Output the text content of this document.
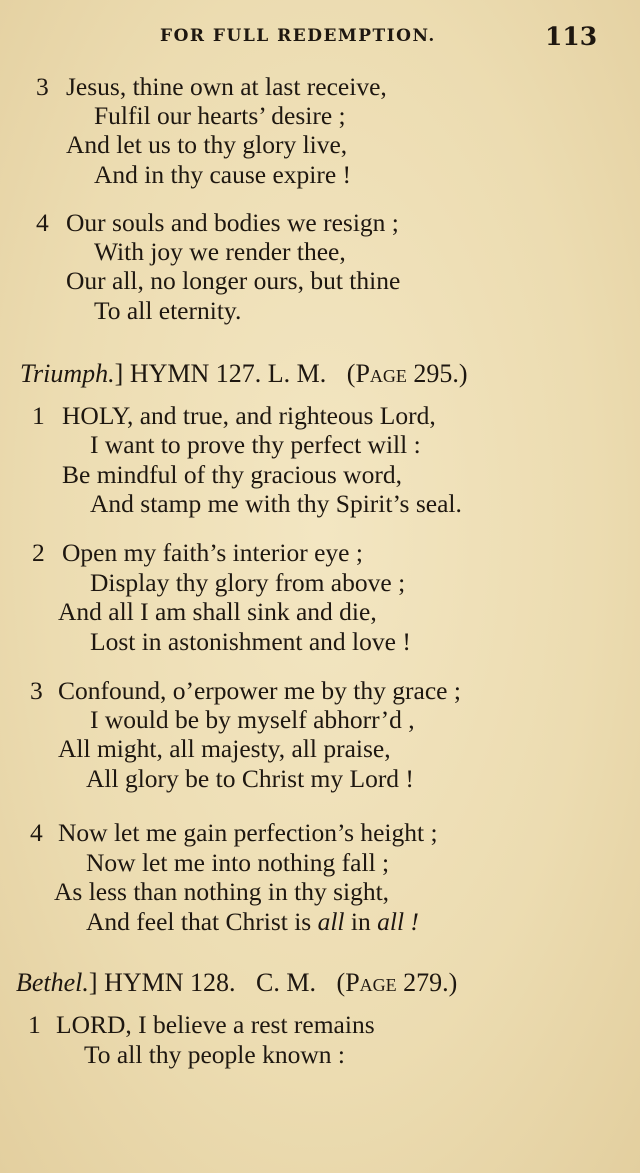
FOR FULL REDEMPTION.	113
3 Jesus, thine own at last receive,
Fulfil our hearts’ desire ;
And let us to thy glory live,
And in thy cause expire !
4 Our souls and bodies we resign ;
With joy we render thee,
Our all, no longer ours, but thine
To all eternity.
Triumph.] HYMN 127. L. M. (Page 295.)
1 HOLY, and true, and righteous Lord,
I want to prove thy perfect will :
Be mindful of thy gracious word,
And stamp me with thy Spirit’s seal.
2 Open my faith’s interior eye ;
Display thy glory from above ;
And all I am shall sink and die,
Lost in astonishment and love !
3 Confound, o’erpower me by thy grace ;
I would be by myself abhorr’d ,
All might, all majesty, all praise,
All glory be to Christ my Lord !
4 Now let me gain perfection’s height ;
Now let me into nothing fall ;
As less than nothing in thy sight,
And feel that Christ is all in all !
Bethel.] HYMN 128. C. M. (Page 279.)
1 LORD, I believe a rest remains
To all thy people known :
